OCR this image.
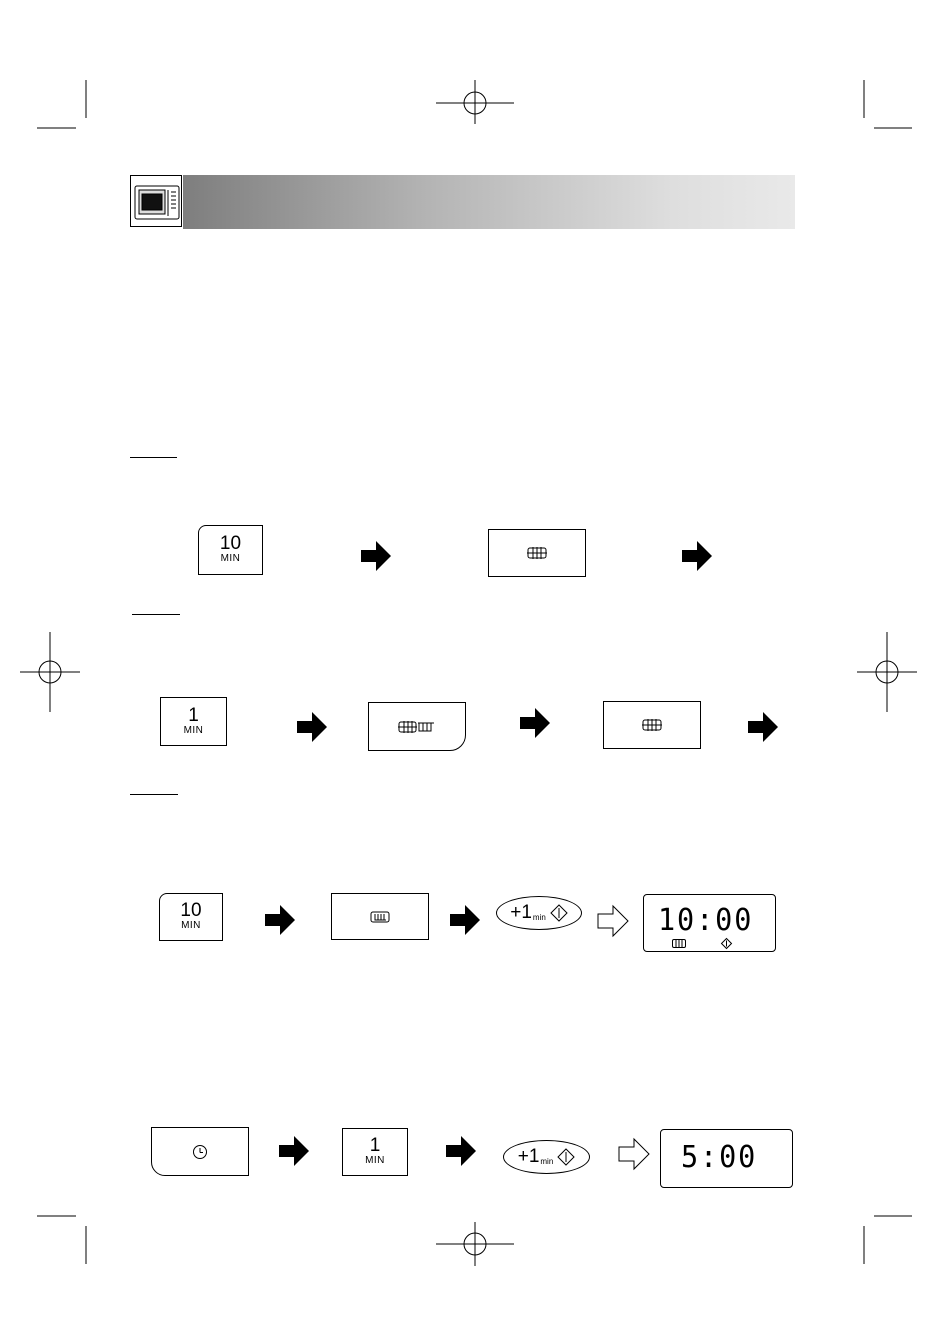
10
MIN
1
MIN
10
MIN
+1 min	10:00
1
MIN	+1 min	5:00
